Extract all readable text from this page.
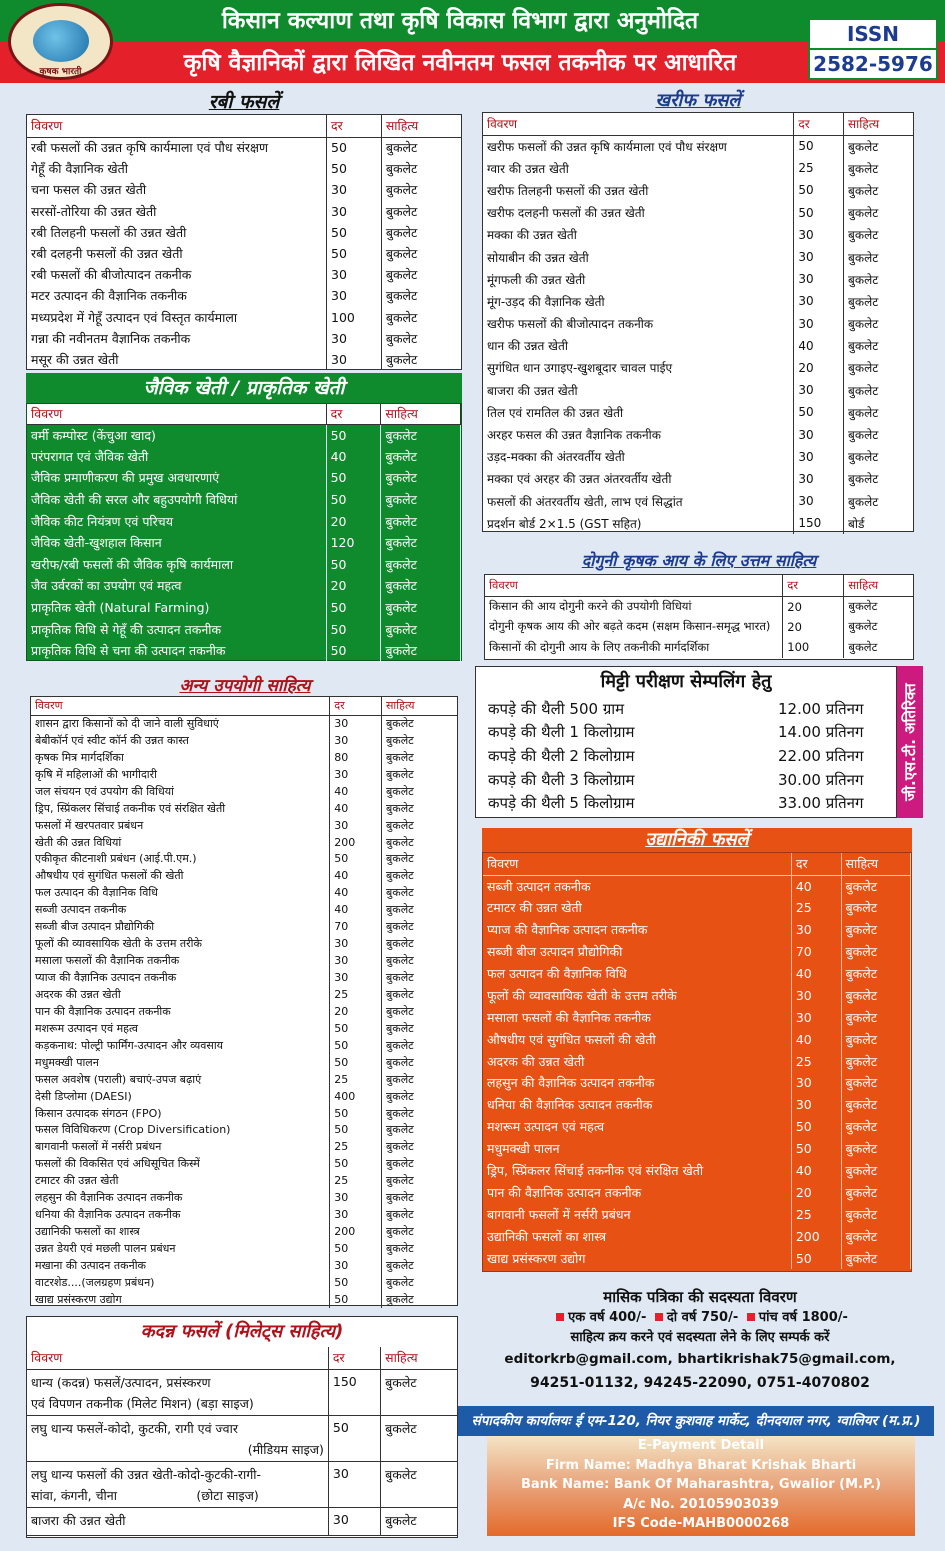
कृषक भारती
किसान कल्याण तथा कृषि विकास विभाग द्वारा अनुमोदित
कृषि वैज्ञानिकों द्वारा लिखित नवीनतम फसल तकनीक पर आधारित
ISSN
2582-5976
रबी फसलें
विवरण	दर	साहित्य
रबी फसलों की उन्नत कृषि कार्यमाला एवं पौध संरक्षण	50	बुकलेट
गेहूँ की वैज्ञानिक खेती	50	बुकलेट
चना फसल की उन्नत खेती	30	बुकलेट
सरसों-तोरिया की उन्नत खेती	30	बुकलेट
रबी तिलहनी फसलों की उन्नत खेती	50	बुकलेट
रबी दलहनी फसलों की उन्नत खेती	50	बुकलेट
रबी फसलों की बीजोत्पादन तकनीक	30	बुकलेट
मटर उत्पादन की वैज्ञानिक तकनीक	30	बुकलेट
मध्यप्रदेश में गेहूँ उत्पादन एवं विस्तृत कार्यमाला	100	बुकलेट
गन्ना की नवीनतम वैज्ञानिक तकनीक	30	बुकलेट
मसूर की उन्नत खेती	30	बुकलेट
जैविक खेती / प्राकृतिक खेती
विवरण	दर	साहित्य
वर्मी कम्पोस्ट (केंचुआ खाद)	50	बुकलेट
परंपरागत एवं जैविक खेती	40	बुकलेट
जैविक प्रमाणीकरण की प्रमुख अवधारणाएं	50	बुकलेट
जैविक खेती की सरल और बहुउपयोगी विधियां	50	बुकलेट
जैविक कीट नियंत्रण एवं परिचय	20	बुकलेट
जैविक खेती-खुशहाल किसान	120	बुकलेट
खरीफ/रबी फसलों की जैविक कृषि कार्यमाला	50	बुकलेट
जैव उर्वरकों का उपयोग एवं महत्व	20	बुकलेट
प्राकृतिक खेती (Natural Farming)	50	बुकलेट
प्राकृतिक विधि से गेहूँ की उत्पादन तकनीक	50	बुकलेट
प्राकृतिक विधि से चना की उत्पादन तकनीक	50	बुकलेट
अन्य उपयोगी साहित्य
विवरण	दर	साहित्य
शासन द्वारा किसानों को दी जाने वाली सुविधाएं	30	बुकलेट
बेबीकॉर्न एवं स्वीट कॉर्न की उन्नत कास्त	30	बुकलेट
कृषक मित्र मार्गदर्शिका	80	बुकलेट
कृषि में महिलाओं की भागीदारी	30	बुकलेट
जल संचयन एवं उपयोग की विधियां	40	बुकलेट
ड्रिप, स्प्रिंकलर सिंचाई तकनीक एवं संरक्षित खेती	40	बुकलेट
फसलों में खरपतवार प्रबंधन	30	बुकलेट
खेती की उन्नत विधियां	200	बुकलेट
एकीकृत कीटनाशी प्रबंधन (आई.पी.एम.)	50	बुकलेट
औषधीय एवं सुगंधित फसलों की खेती	40	बुकलेट
फल उत्पादन की वैज्ञानिक विधि	40	बुकलेट
सब्जी उत्पादन तकनीक	40	बुकलेट
सब्जी बीज उत्पादन प्रौद्योगिकी	70	बुकलेट
फूलों की व्यावसायिक खेती के उत्तम तरीके	30	बुकलेट
मसाला फसलों की वैज्ञानिक तकनीक	30	बुकलेट
प्याज की वैज्ञानिक उत्पादन तकनीक	30	बुकलेट
अदरक की उन्नत खेती	25	बुकलेट
पान की वैज्ञानिक उत्पादन तकनीक	20	बुकलेट
मशरूम उत्पादन एवं महत्व	50	बुकलेट
कड़कनाथ: पोल्ट्री फार्मिंग-उत्पादन और व्यवसाय	50	बुकलेट
मधुमक्खी पालन	50	बुकलेट
फसल अवशेष (पराली) बचाएं-उपज बढ़ाएं	25	बुकलेट
देसी डिप्लोमा (DAESI)	400	बुकलेट
किसान उत्पादक संगठन (FPO)	50	बुकलेट
फसल विविधिकरण (Crop Diversification)	50	बुकलेट
बागवानी फसलों में नर्सरी प्रबंधन	25	बुकलेट
फसलों की विकसित एवं अधिसूचित किस्में	50	बुकलेट
टमाटर की उन्नत खेती	25	बुकलेट
लहसुन की वैज्ञानिक उत्पादन तकनीक	30	बुकलेट
धनिया की वैज्ञानिक उत्पादन तकनीक	30	बुकलेट
उद्यानिकी फसलों का शास्त्र	200	बुकलेट
उन्नत डेयरी एवं मछली पालन प्रबंधन	50	बुकलेट
मखाना की उत्पादन तकनीक	30	बुकलेट
वाटरशेड....(जलग्रहण प्रबंधन)	50	बुकलेट
खाद्य प्रसंस्करण उद्योग	50	बुकलेट
कदन्न फसलें (मिलेट्स साहित्य)
विवरण	दर	साहित्य

धान्य (कदन्न) फसलें/उत्पादन, प्रसंस्करण
एवं विपणन तकनीक (मिलेट मिशन) (बड़ा साइज)	150	बुकलेट

लघु धान्य फसलें-कोदो, कुटकी, रागी एवं ज्वार
(मीडियम साइज)	50	बुकलेट

लघु धान्य फसलों की उन्नत खेती-कोदो-कुटकी-रागी-
सांवा, कंगनी, चीना                    (छोटा साइज)	30	बुकलेट

बाजरा की उन्नत खेती	30	बुकलेट
खरीफ फसलें
विवरण	दर	साहित्य
खरीफ फसलों की उन्नत कृषि कार्यमाला एवं पौध संरक्षण	50	बुकलेट
ग्वार की उन्नत खेती	25	बुकलेट
खरीफ तिलहनी फसलों की उन्नत खेती	50	बुकलेट
खरीफ दलहनी फसलों की उन्नत खेती	50	बुकलेट
मक्का की उन्नत खेती	30	बुकलेट
सोयाबीन की उन्नत खेती	30	बुकलेट
मूंगफली की उन्नत खेती	30	बुकलेट
मूंग-उड़द की वैज्ञानिक खेती	30	बुकलेट
खरीफ फसलों की बीजोत्पादन तकनीक	30	बुकलेट
धान की उन्नत खेती	40	बुकलेट
सुगंधित धान उगाइए-खुशबूदार चावल पाईए	20	बुकलेट
बाजरा की उन्नत खेती	30	बुकलेट
तिल एवं रामतिल की उन्नत खेती	50	बुकलेट
अरहर फसल की उन्नत वैज्ञानिक तकनीक	30	बुकलेट
उड़द-मक्का की अंतरवर्तीय खेती	30	बुकलेट
मक्का एवं अरहर की उन्नत अंतरवर्तीय खेती	30	बुकलेट
फसलों की अंतरवर्तीय खेती, लाभ एवं सिद्धांत	30	बुकलेट
प्रदर्शन बोर्ड 2×1.5 (GST सहित)	150	बोर्ड
दोगुनी कृषक आय के लिए उत्तम साहित्य
विवरण	दर	साहित्य
किसान की आय दोगुनी करने की उपयोगी विधियां	20	बुकलेट
दोगुनी कृषक आय की ओर बढ़ते कदम (सक्षम किसान-समृद्ध भारत)	20	बुकलेट
किसानों की दोगुनी आय के लिए तकनीकी मार्गदर्शिका	100	बुकलेट
मिट्टी परीक्षण सेम्पलिंग हेतु
कपड़े की थैली 500 ग्राम	12.00 प्रतिनग
कपड़े की थैली 1 किलोग्राम	14.00 प्रतिनग
कपड़े की थैली 2 किलोग्राम	22.00 प्रतिनग
कपड़े की थैली 3 किलोग्राम	30.00 प्रतिनग
कपड़े की थैली 5 किलोग्राम	33.00 प्रतिनग
जी.एस.टी. अतिरिक्त
उद्यानिकी फसलें
विवरण	दर	साहित्य
सब्जी उत्पादन तकनीक	40	बुकलेट
टमाटर की उन्नत खेती	25	बुकलेट
प्याज की वैज्ञानिक उत्पादन तकनीक	30	बुकलेट
सब्जी बीज उत्पादन प्रौद्योगिकी	70	बुकलेट
फल उत्पादन की वैज्ञानिक विधि	40	बुकलेट
फूलों की व्यावसायिक खेती के उत्तम तरीके	30	बुकलेट
मसाला फसलों की वैज्ञानिक तकनीक	30	बुकलेट
औषधीय एवं सुगंधित फसलों की खेती	40	बुकलेट
अदरक की उन्नत खेती	25	बुकलेट
लहसुन की वैज्ञानिक उत्पादन तकनीक	30	बुकलेट
धनिया की वैज्ञानिक उत्पादन तकनीक	30	बुकलेट
मशरूम उत्पादन एवं महत्व	50	बुकलेट
मधुमक्खी पालन	50	बुकलेट
ड्रिप, स्प्रिंकलर सिंचाई तकनीक एवं संरक्षित खेती	40	बुकलेट
पान की वैज्ञानिक उत्पादन तकनीक	20	बुकलेट
बागवानी फसलों में नर्सरी प्रबंधन	25	बुकलेट
उद्यानिकी फसलों का शास्त्र	200	बुकलेट
खाद्य प्रसंस्करण उद्योग	50	बुकलेट
मासिक पत्रिका की सदस्यता विवरण
एक वर्ष 400/- दो वर्ष 750/- पांच वर्ष 1800/-
साहित्य क्रय करने एवं सदस्यता लेने के लिए सम्पर्क करें
editorkrb@gmail.com, bhartikrishak75@gmail.com,
94251-01132, 94245-22090, 0751-4070802
संपादकीय कार्यालयः ई एम-120, नियर कुशवाह मार्केट, दीनदयाल नगर, ग्वालियर (म.प्र.)
E-Payment Detail
Firm Name: Madhya Bharat Krishak Bharti
Bank Name: Bank Of Maharashtra, Gwalior (M.P.)
A/c No. 20105903039
IFS Code-MAHB0000268
